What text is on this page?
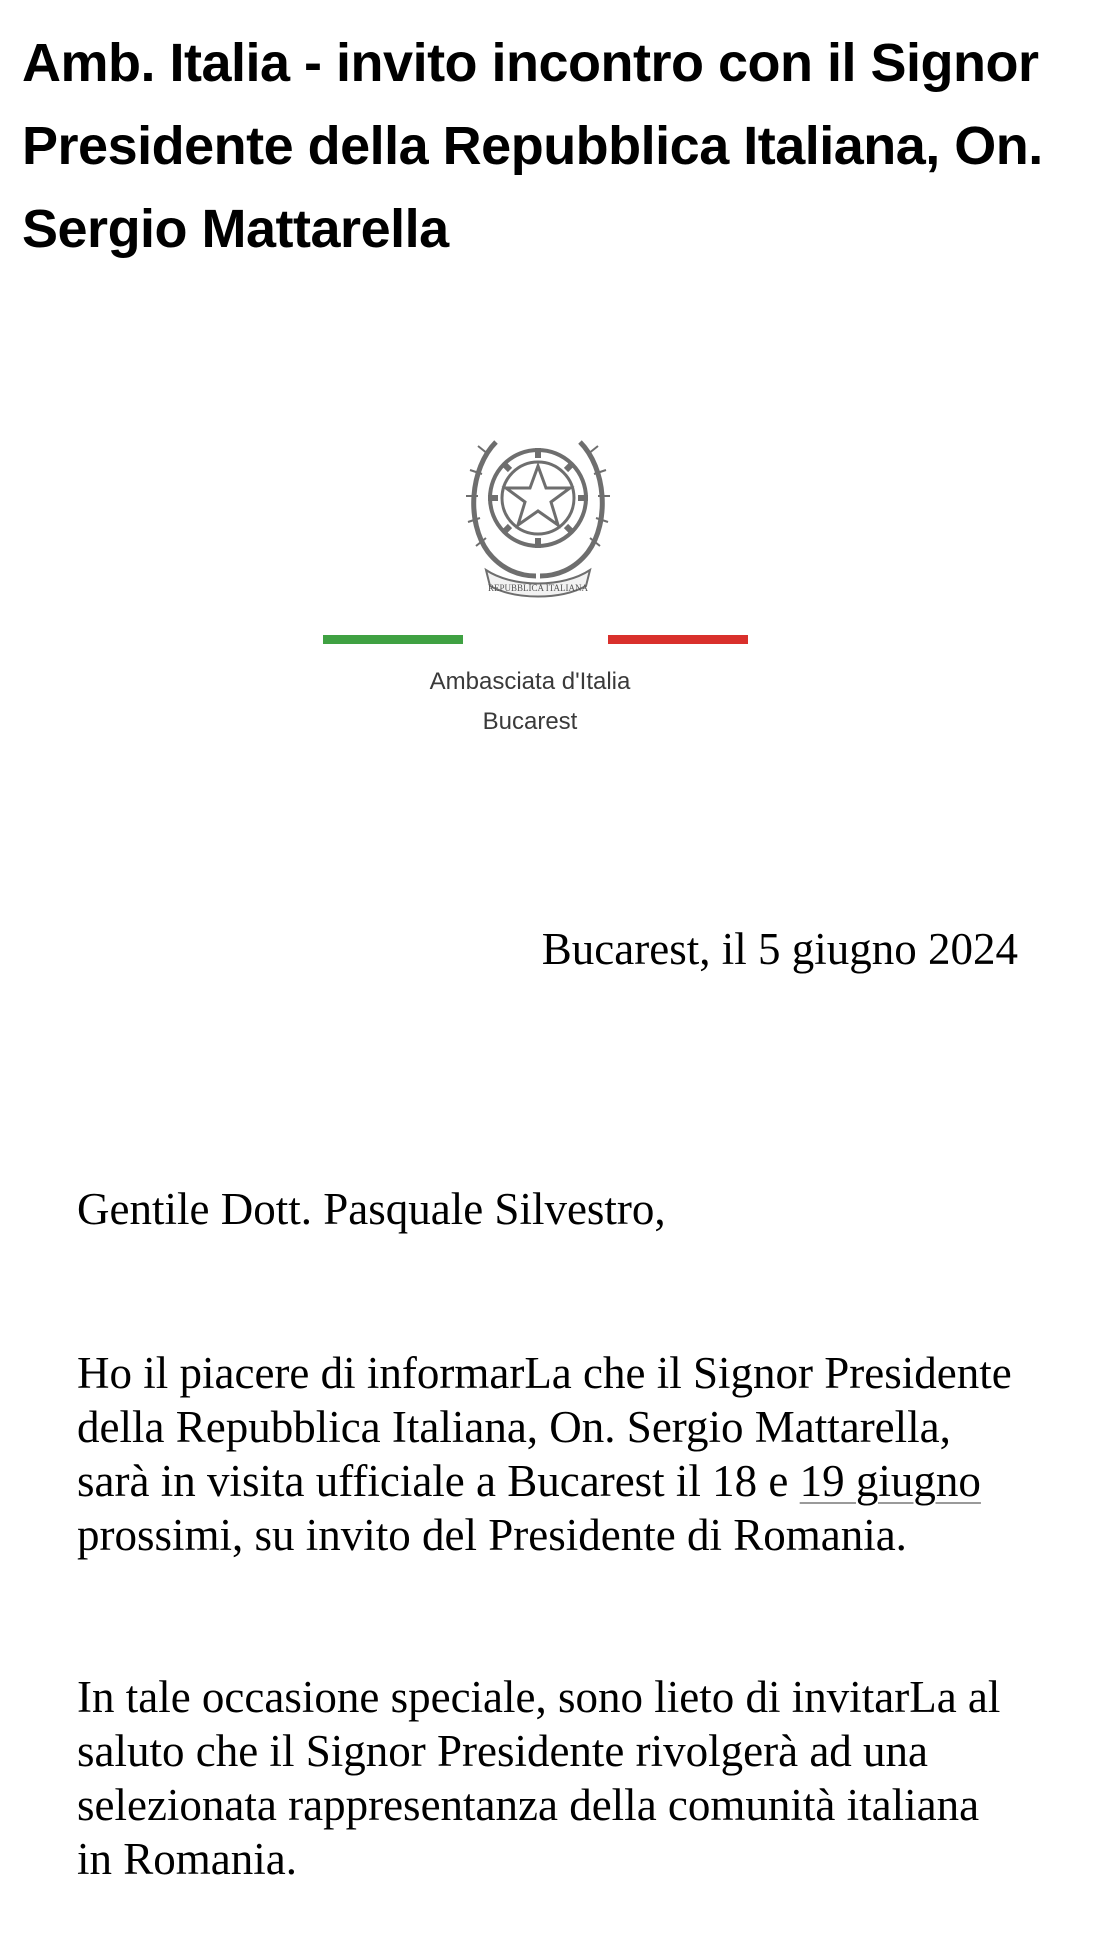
Amb. Italia - invito incontro con il Signor Presidente della Repubblica Italiana, On. Sergio Mattarella
REPUBBLICA ITALIANA
Ambasciata d'Italia
Bucarest
Bucarest, il 5 giugno 2024
Gentile Dott. Pasquale Silvestro,

Ho il piacere di informarLa che il Signor Presidente della Repubblica Italiana, On. Sergio Mattarella, sarà in visita ufficiale a Bucarest il 18 e 19 giugno prossimi, su invito del Presidente di Romania.

In tale occasione speciale, sono lieto di invitarLa al saluto che il Signor Presidente rivolgerà ad una selezionata rappresentanza della comunità italiana in Romania.
